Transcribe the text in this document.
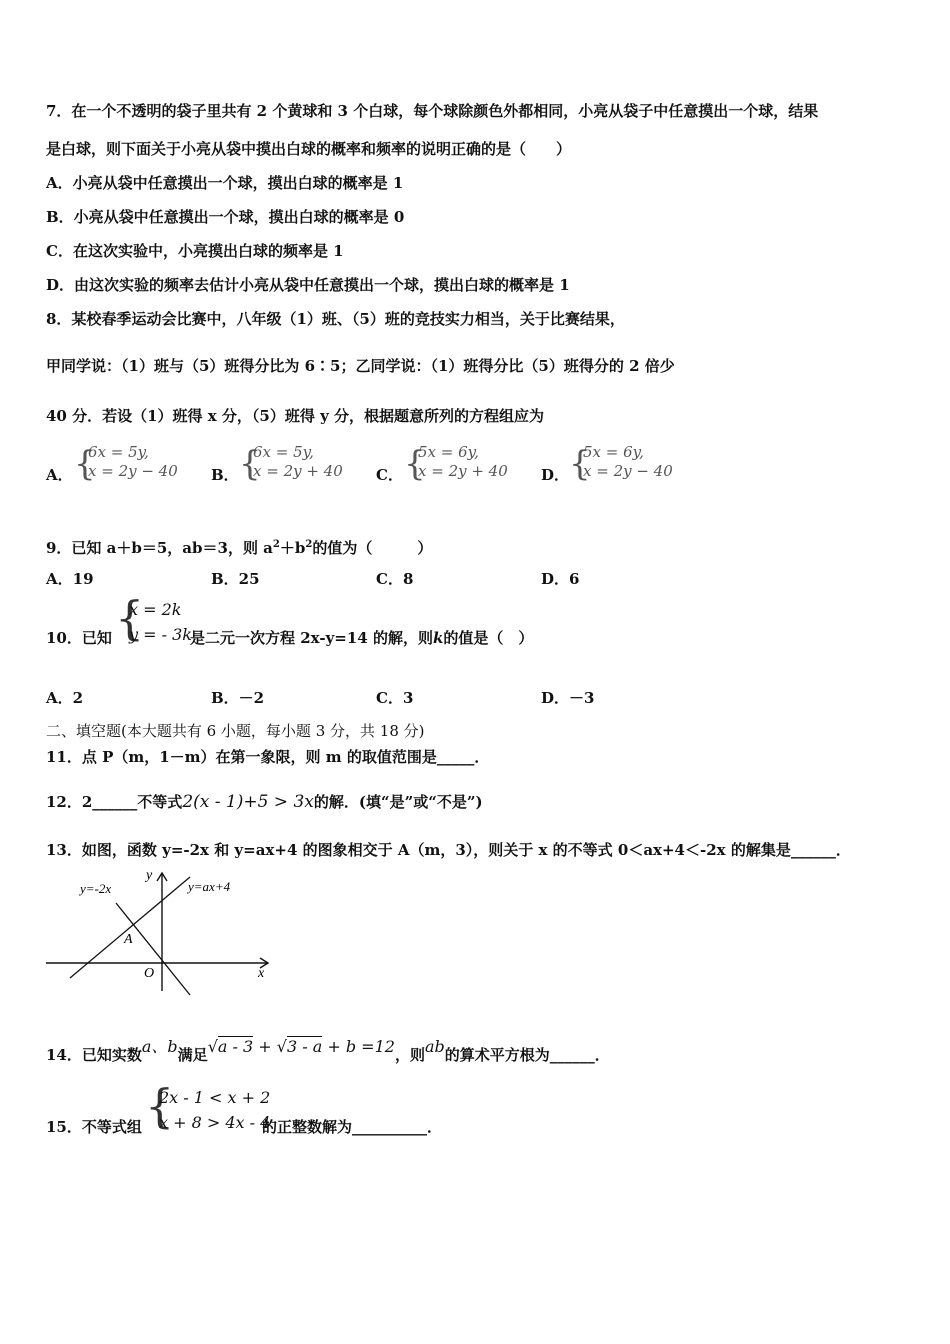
7．在一个不透明的袋子里共有 2 个黄球和 3 个白球，每个球除颜色外都相同，小亮从袋子中任意摸出一个球，结果
是白球，则下面关于小亮从袋中摸出白球的概率和频率的说明正确的是（　　）
A．小亮从袋中任意摸出一个球，摸出白球的概率是 1
B．小亮从袋中任意摸出一个球，摸出白球的概率是 0
C．在这次实验中，小亮摸出白球的频率是 1
D．由这次实验的频率去估计小亮从袋中任意摸出一个球，摸出白球的概率是 1
8．某校春季运动会比赛中，八年级（1）班、（5）班的竞技实力相当，关于比赛结果，
甲同学说：（1）班与（5）班得分比为 6∶5；乙同学说：（1）班得分比（5）班得分的 2 倍少
40 分．若设（1）班得 x 分，（5）班得 y 分，根据题意所列的方程组应为
A． {
6x = 5y,
x = 2y − 40 B． {
6x = 5y,
x = 2y + 40 C． {
5x = 6y,
x = 2y + 40 D． {
5x = 6y,
x = 2y − 40
9．已知 a＋b＝5，ab＝3，则 $a^2+b^2$的值为（　　　）
A．19	B．25	C．8	D．6
10．已知 {
x = 2k
y = - 3k
是二元一次方程 2x-y=14 的解，则k的值是（　）
A．2	B．－2	C．3	D．－3
二、填空题(本大题共有 6 小题，每小题 3 分，共 18 分)
11．点 P（m，1－m）在第一象限，则 m 的取值范围是_____．
12．2______不等式2(x - 1)+5 > 3x的解．(填“是”或“不是”)
13．如图，函数 y=-2x 和 y=ax+4 的图象相交于 A（m，3），则关于 x 的不等式 0＜ax+4＜-2x 的解集是______．
y=-2x	y=ax+4
y
x
O
A
14．已知实数a、b满足√a - 3 + √3 - a + b =12，则ab的算术平方根为______．
15．不等式组 {
2x - 1 < x + 2
x + 8 > 4x - 4
的正整数解为__________．
